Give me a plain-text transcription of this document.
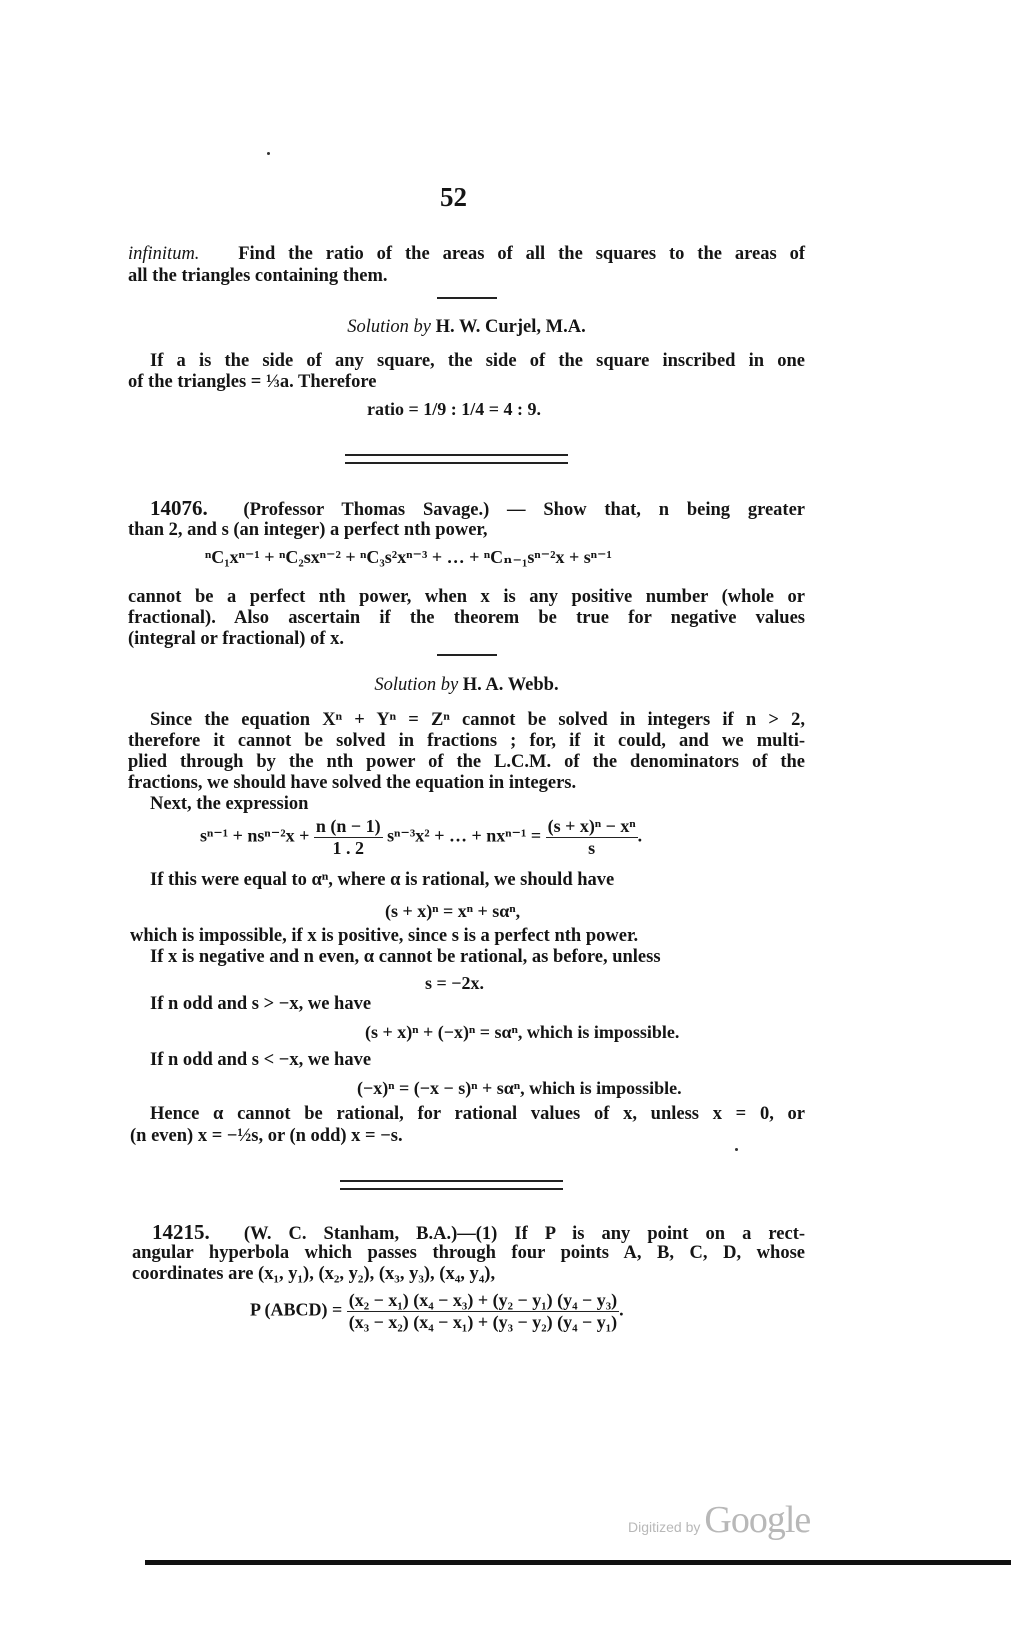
52
infinitum. Find the ratio of the areas of all the squares to the areas of
all the triangles containing them.
Solution by H. W. Curjel, M.A.
If a is the side of any square, the side of the square inscribed in one
of the triangles = ⅓a. Therefore
ratio = 1/9 : 1/4 = 4 : 9.
14076. (Professor Thomas Savage.) — Show that, n being greater
than 2, and s (an integer) a perfect nth power,
ⁿC₁xⁿ⁻¹ + ⁿC₂sxⁿ⁻² + ⁿC₃s²xⁿ⁻³ + … + ⁿCₙ₋₁sⁿ⁻²x + sⁿ⁻¹
cannot be a perfect nth power, when x is any positive number (whole or
fractional). Also ascertain if the theorem be true for negative values
(integral or fractional) of x.
Solution by H. A. Webb.
Since the equation Xⁿ + Yⁿ = Zⁿ cannot be solved in integers if n > 2,
therefore it cannot be solved in fractions ; for, if it could, and we multi-
plied through by the nth power of the L.C.M. of the denominators of the
fractions, we should have solved the equation in integers.
Next, the expression
$s^{n-1} + ns^{n-2}x + \frac{n (n - 1)}{1 . 2} s^{n-3}x^2$ + … + $nx^{n-1} = \frac{\text{(s + x)ⁿ − xⁿ}}{s}$ .
If this were equal to αⁿ, where α is rational, we should have
(s + x)ⁿ = xⁿ + sαⁿ,
which is impossible, if x is positive, since s is a perfect nth power.
If x is negative and n even, α cannot be rational, as before, unless
s = −2x.
If n odd and s > −x, we have
(s + x)ⁿ + (−x)ⁿ = sαⁿ, which is impossible.
If n odd and s < −x, we have
(−x)ⁿ = (−x − s)ⁿ + sαⁿ, which is impossible.
Hence α cannot be rational, for rational values of x, unless x = 0, or
(n even) x = −½s, or (n odd) x = −s.
14215. (W. C. Stanham, B.A.)—(1) If P is any point on a rect-
angular hyperbola which passes through four points A, B, C, D, whose
coordinates are (x₁, y₁), (x₂, y₂), (x₃, y₃), (x₄, y₄),
P (ABCD) = $\frac{\text{(x₂ − x₁) (x₄ − x₃) + (y₂ − y₁) (y₄ − y₃)}}{\text{(x₃ − x₂) (x₄ − x₁) + (y₃ − y₂) (y₄ − y₁)}}$ .
Digitized by Google
